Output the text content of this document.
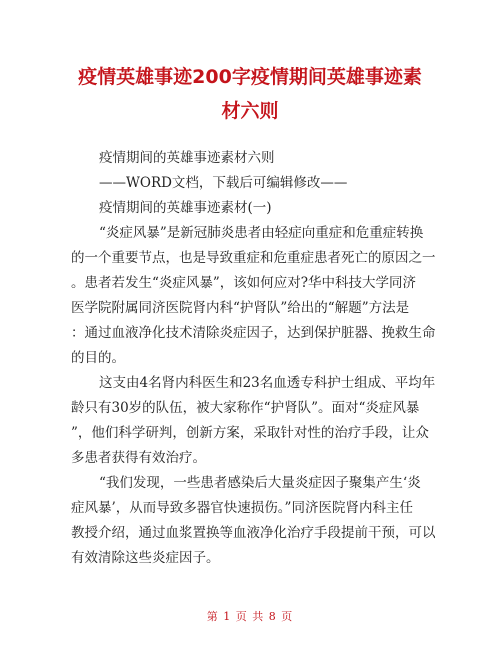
疫情英雄事迹200字疫情期间英雄事迹素材六则

疫情期间的英雄事迹素材六则

——WORD文档，下载后可编辑修改——

疫情期间的英雄事迹素材(一)

“炎症风暴”是新冠肺炎患者由轻症向重症和危重症转换
的一个重要节点，也是导致重症和危重症患者死亡的原因之一
。患者若发生“炎症风暴”，该如何应对?华中科技大学同济
医学院附属同济医院肾内科“护肾队”给出的“解题”方法是
：通过血液净化技术清除炎症因子，达到保护脏器、挽救生命
的目的。

这支由4名肾内科医生和23名血透专科护士组成、平均年
龄只有30岁的队伍，被大家称作“护肾队”。面对“炎症风暴
”，他们科学研判，创新方案，采取针对性的治疗手段，让众
多患者获得有效治疗。

“我们发现，一些患者感染后大量炎症因子聚集产生‘炎
症风暴’，从而导致多器官快速损伤。”同济医院肾内科主任
教授介绍，通过血浆置换等血液净化治疗手段提前干预，可以
有效清除这些炎症因子。

第 1 页 共 8 页
